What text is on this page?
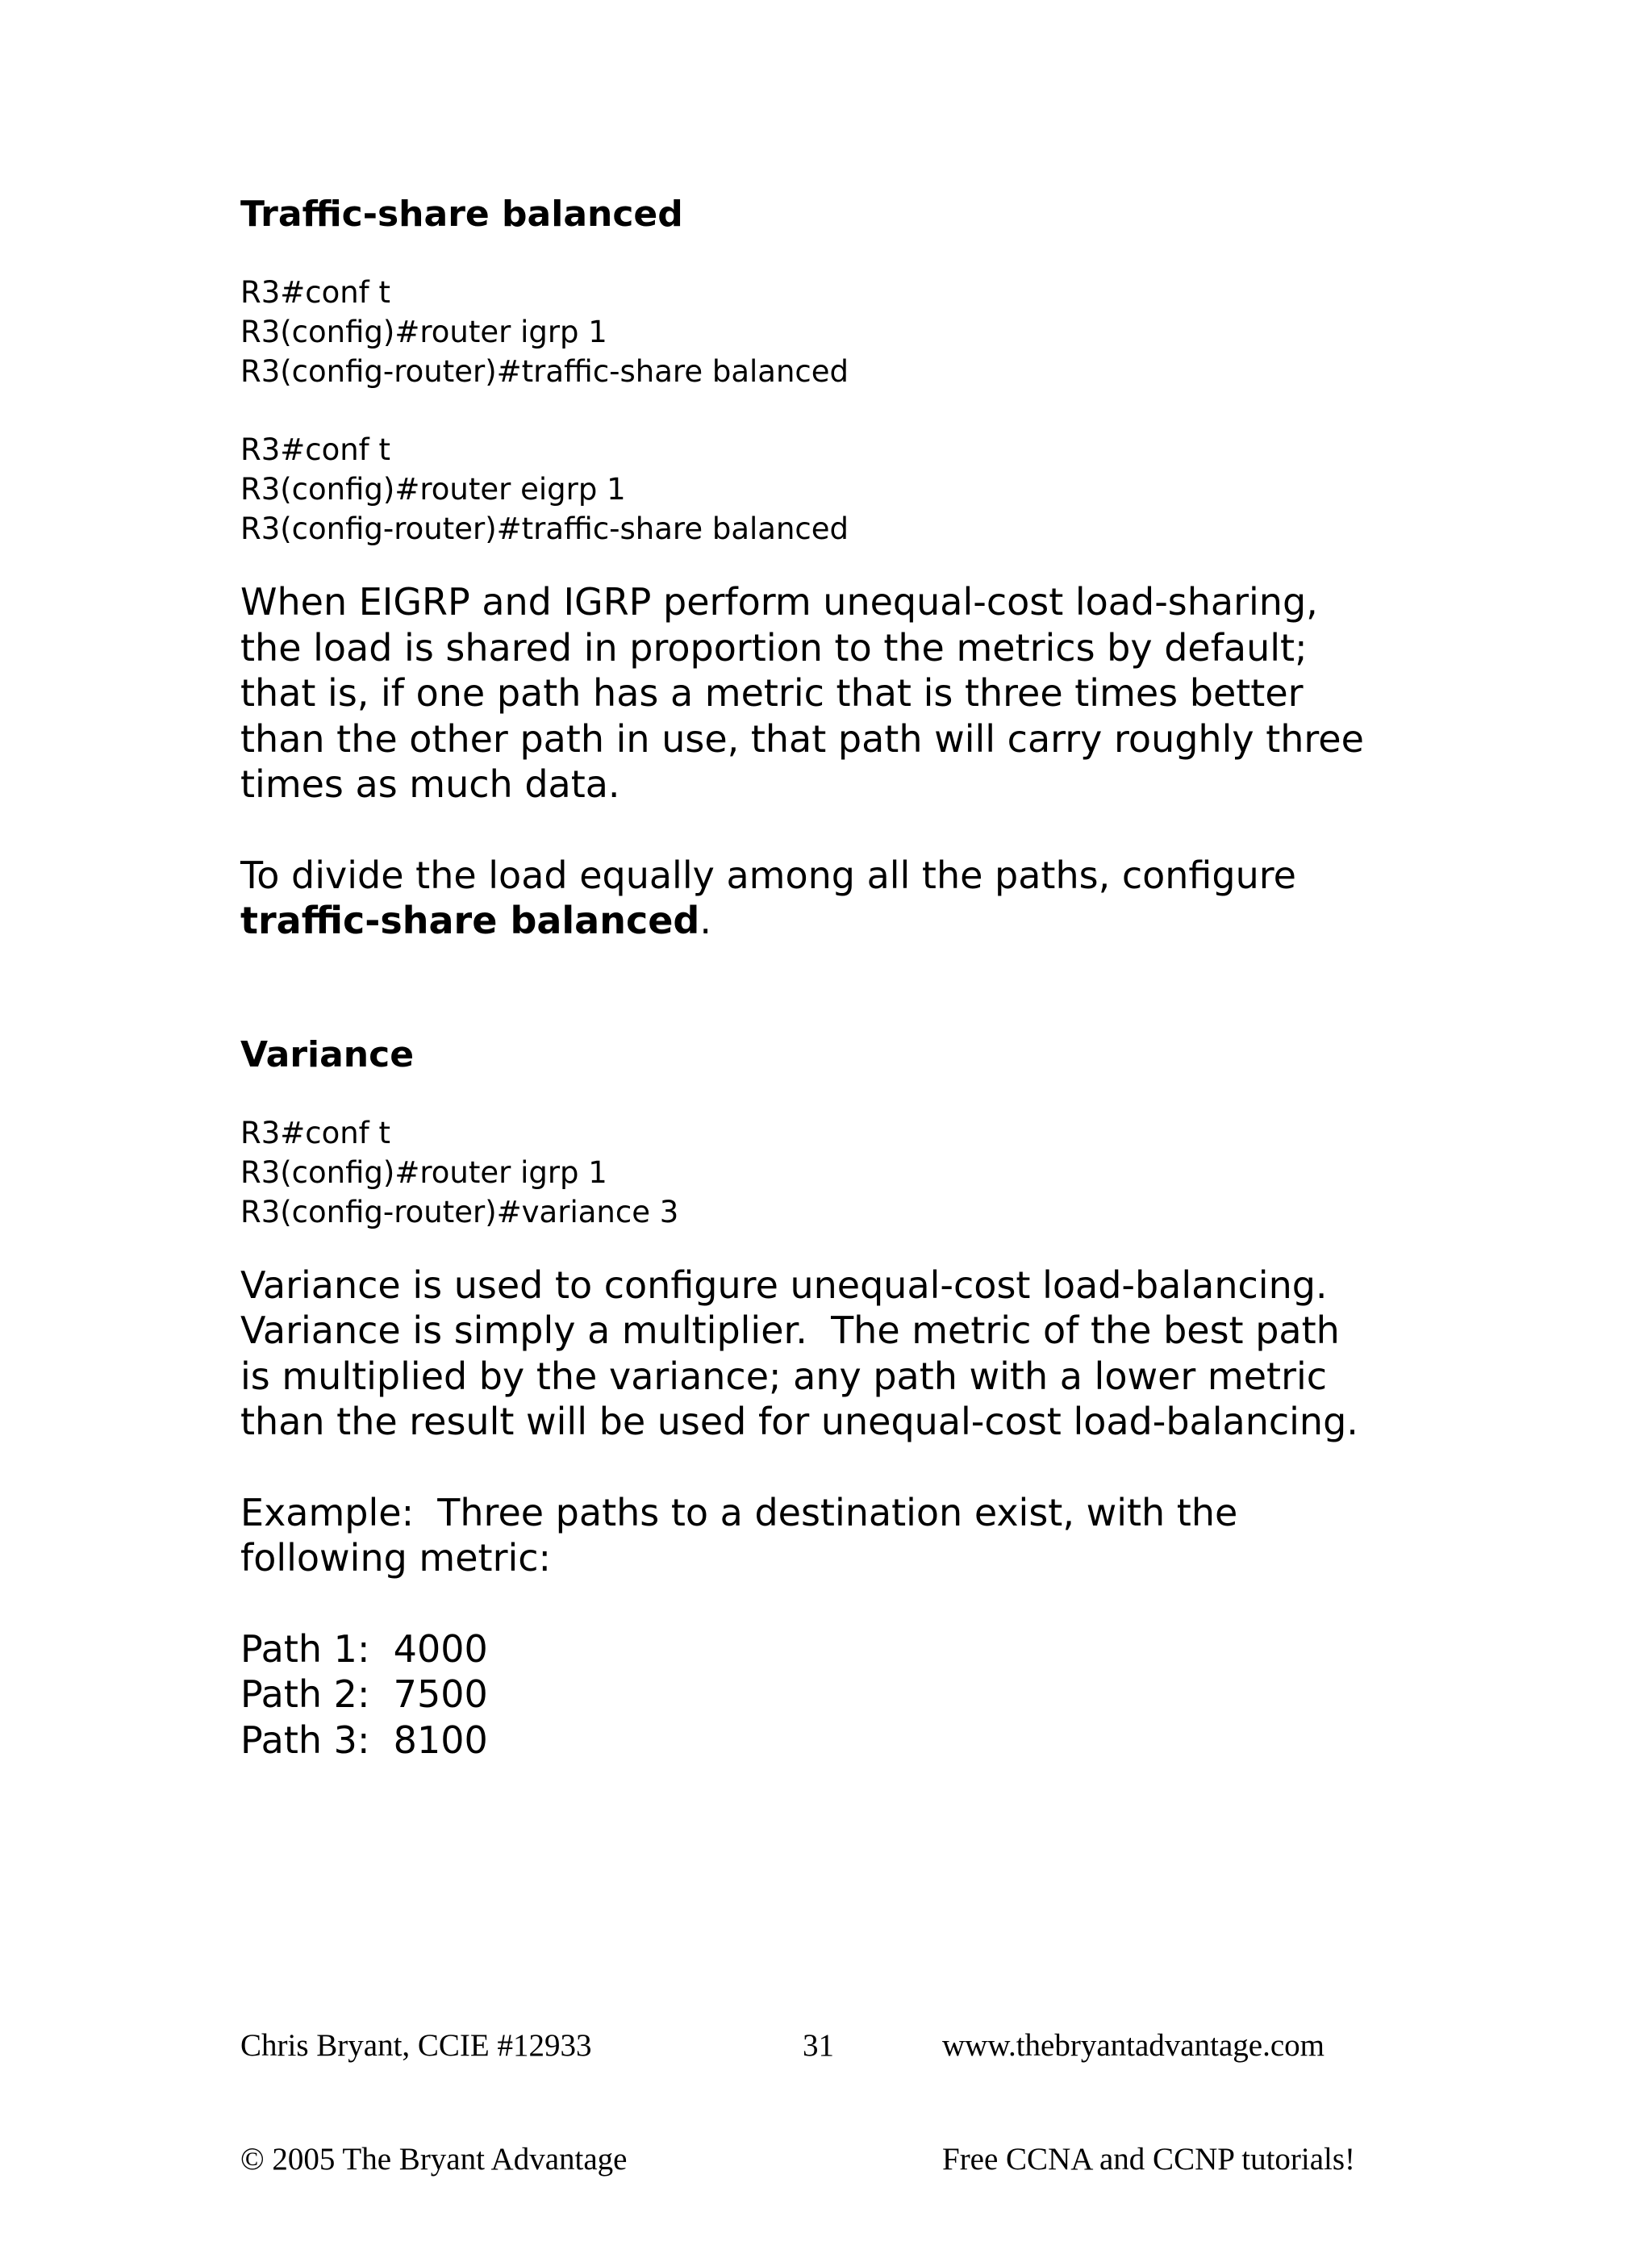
Traffic-share balanced
R3#conf t
R3(config)#router igrp 1
R3(config-router)#traffic-share balanced
R3#conf t
R3(config)#router eigrp 1
R3(config-router)#traffic-share balanced
When EIGRP and IGRP perform unequal-cost load-sharing,
the load is shared in proportion to the metrics by default;
that is, if one path has a metric that is three times better
than the other path in use, that path will carry roughly three
times as much data.
To divide the load equally among all the paths, configure
traffic-share balanced.
Variance
R3#conf t
R3(config)#router igrp 1
R3(config-router)#variance 3
Variance is used to configure unequal-cost load-balancing.
Variance is simply a multiplier.  The metric of the best path
is multiplied by the variance; any path with a lower metric
than the result will be used for unequal-cost load-balancing.
Example:  Three paths to a destination exist, with the
following metric:
Path 1:  4000
Path 2:  7500
Path 3:  8100

Chris Bryant, CCIE #12933

© 2005 The Bryant Advantage

31

	www.thebryantadvantage.com

Free CCNA and CCNP tutorials!
